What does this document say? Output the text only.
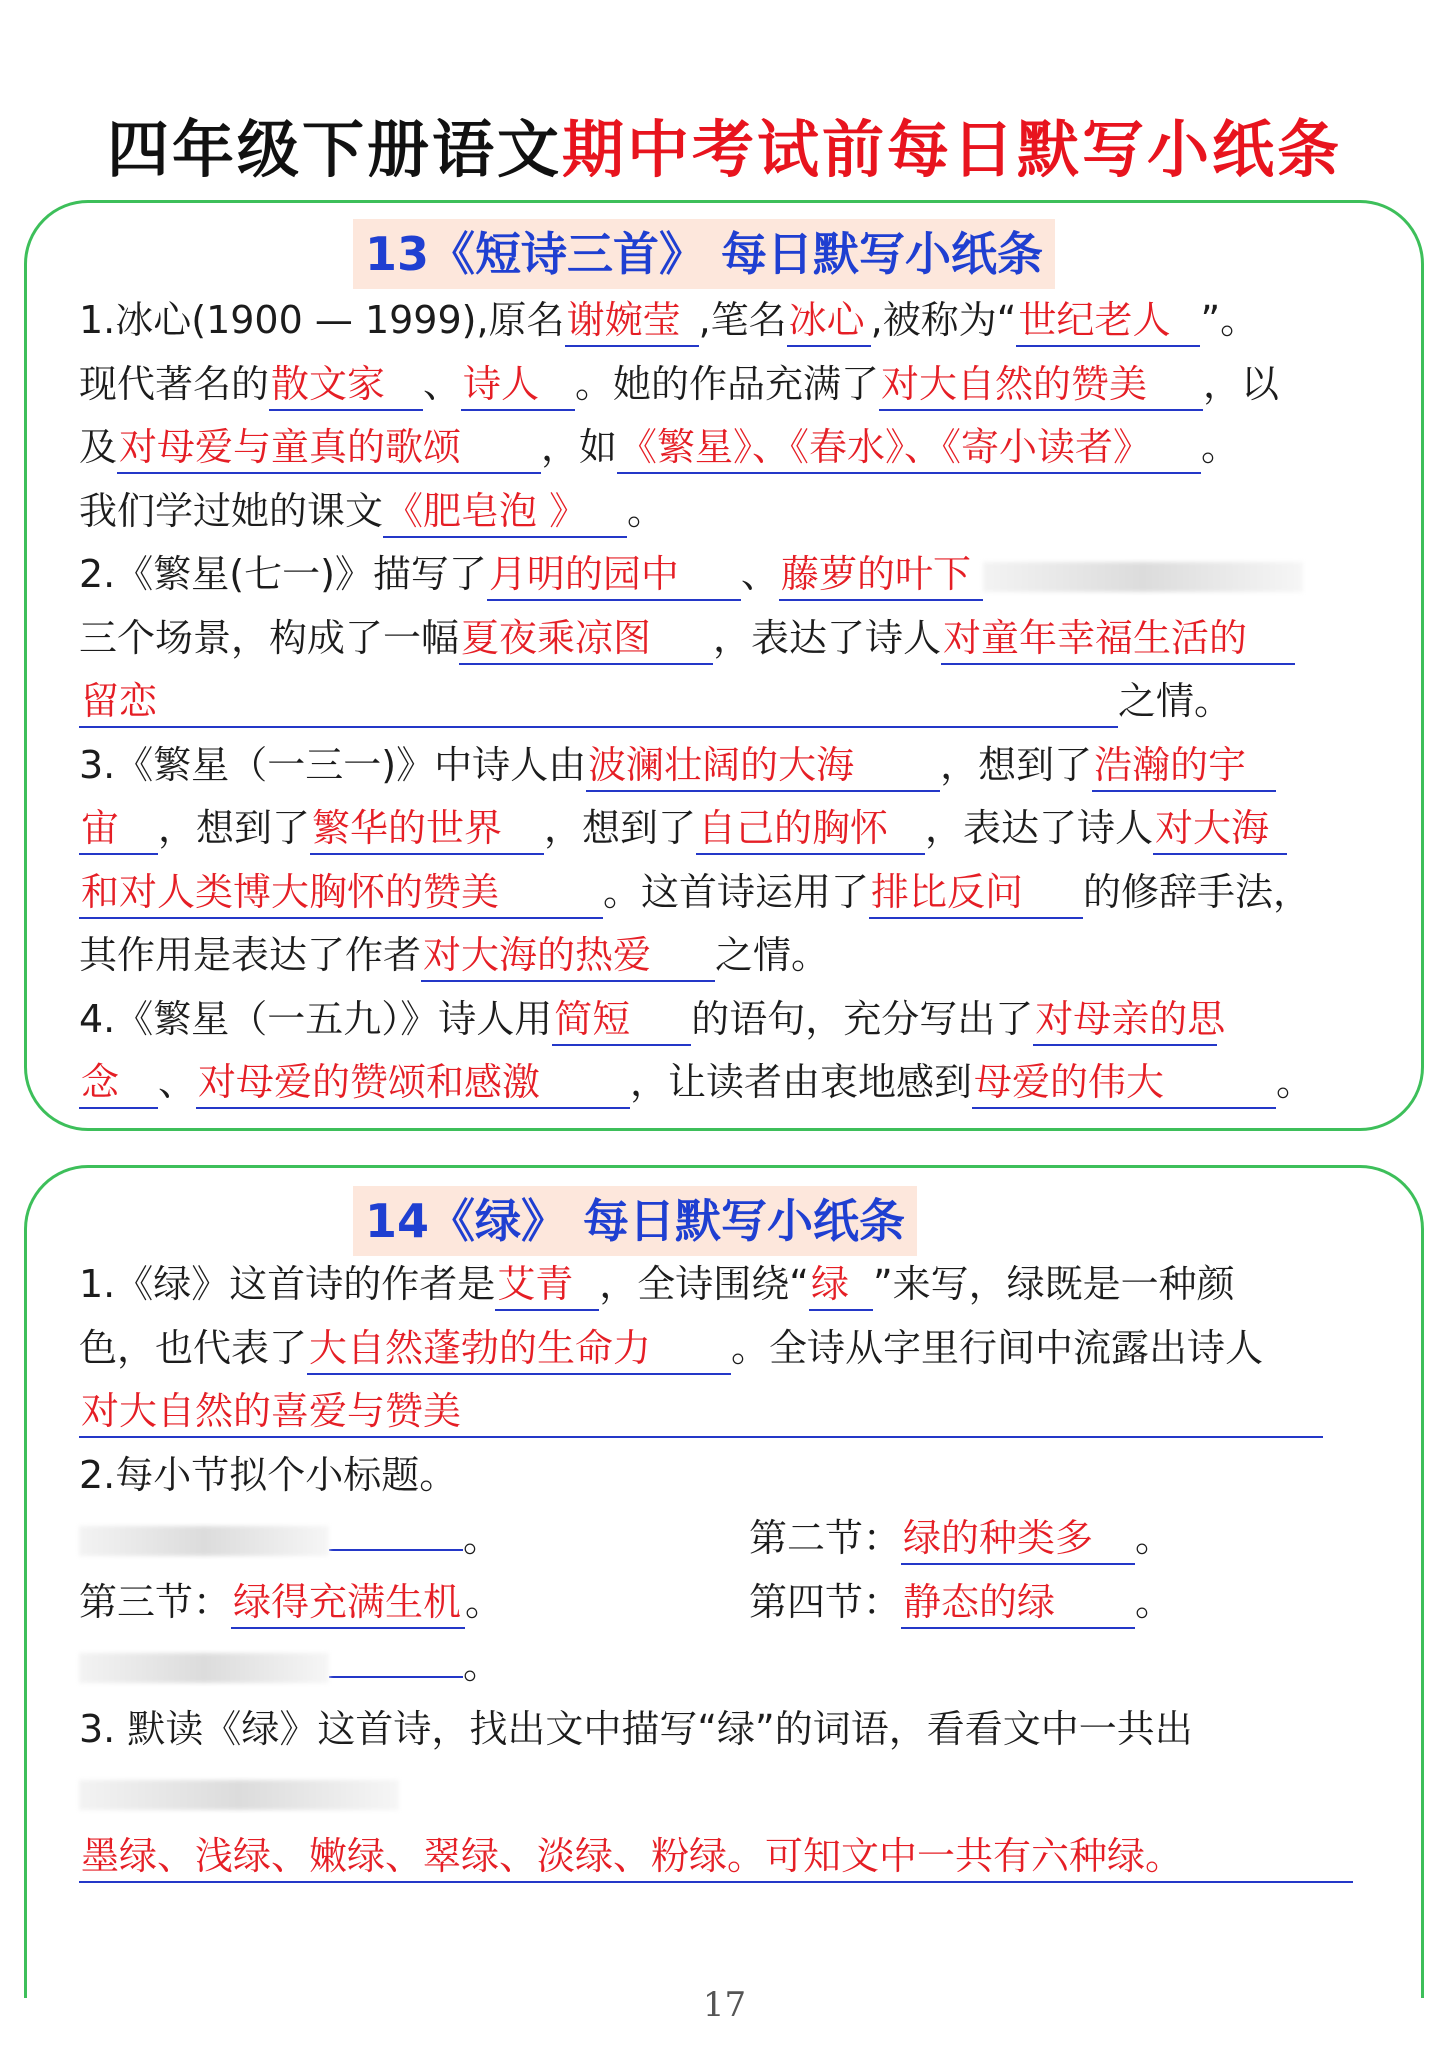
四年级下册语文期中考试前每日默写小纸条
13《短诗三首》 每日默写小纸条
1.冰心(1900 — 1999),原名谢婉莹 ,笔名冰心 ,被称为“世纪老人 ”。
现代著名的散文家 、诗人 。她的作品充满了对大自然的赞美 ，以
及对母爱与童真的歌颂 ，如《繁星》、《春水》、《寄小读者》 。
我们学过她的课文《肥皂泡 》 。
2.《繁星(七一)》描写了月明的园中 、藤萝的叶下
三个场景，构成了一幅夏夜乘凉图 ，表达了诗人对童年幸福生活的
留恋	之情。
3.《繁星（一三一)》中诗人由波澜壮阔的大海 ，想到了浩瀚的宇
宙 ，想到了繁华的世界 ，想到了自己的胸怀 ，表达了诗人对大海
和对人类博大胸怀的赞美	。这首诗运用了排比反问 的修辞手法，
其作用是表达了作者对大海的热爱 之情。
4.《繁星（一五九）》诗人用简短 的语句，充分写出了对母亲的思
念 、对母爱的赞颂和感激 ，让读者由衷地感到母爱的伟大	。
14《绿》 每日默写小纸条
1.《绿》这首诗的作者是艾青 ，全诗围绕“绿 ”来写，绿既是一种颜
色，也代表了大自然蓬勃的生命力 。全诗从字里行间中流露出诗人
对大自然的喜爱与赞美
2.每小节拟个小标题。
。	第二节：绿的种类多 。
第三节：绿得充满生机 。	第四节：静态的绿 。
。
3. 默读《绿》这首诗，找出文中描写“绿”的词语，看看文中一共出
墨绿、浅绿、嫩绿、翠绿、淡绿、粉绿。可知文中一共有六种绿。
17
